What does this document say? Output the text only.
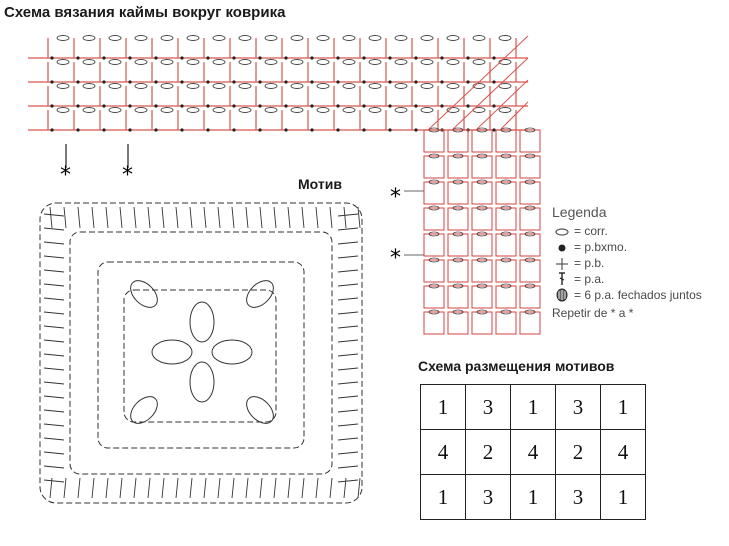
Схема вязания каймы вокруг коврика
Мотив
Схема размещения мотивов
* *
*
*
Legenda
= corr.
= p.bxmo.
= p.b.
= p.a.
= 6 p.a. fechados juntos
Repetir de * a *
1	3	1	3	1
4	2	4	2	4
1	3	1	3	1
